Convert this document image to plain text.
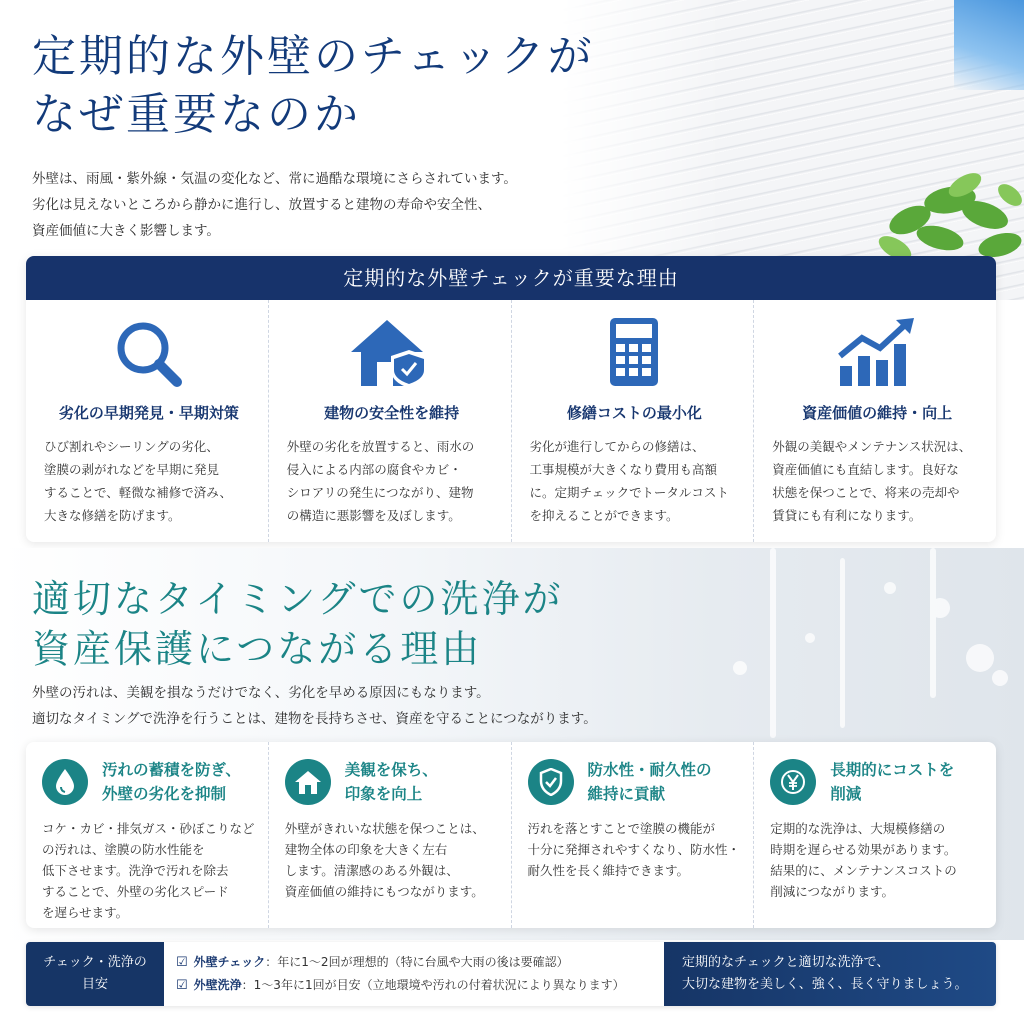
定期的な外壁のチェックが
なぜ重要なのか
外壁は、雨風・紫外線・気温の変化など、常に過酷な環境にさらされています。
劣化は見えないところから静かに進行し、放置すると建物の寿命や安全性、
資産価値に大きく影響します。
定期的な外壁チェックが重要な理由
劣化の早期発見・早期対策
ひび割れやシーリングの劣化、
塗膜の剥がれなどを早期に発見
することで、軽微な補修で済み、
大きな修繕を防げます。
建物の安全性を維持
外壁の劣化を放置すると、雨水の
侵入による内部の腐食やカビ・
シロアリの発生につながり、建物
の構造に悪影響を及ぼします。
修繕コストの最小化
劣化が進行してからの修繕は、
工事規模が大きくなり費用も高額
に。定期チェックでトータルコスト
を抑えることができます。
資産価値の維持・向上
外観の美観やメンテナンス状況は、
資産価値にも直結します。良好な
状態を保つことで、将来の売却や
賃貸にも有利になります。
適切なタイミングでの洗浄が
資産保護につながる理由
外壁の汚れは、美観を損なうだけでなく、劣化を早める原因にもなります。
適切なタイミングで洗浄を行うことは、建物を長持ちさせ、資産を守ることにつながります。
汚れの蓄積を防ぎ、
外壁の劣化を抑制
コケ・カビ・排気ガス・砂ぼこりなど
の汚れは、塗膜の防水性能を
低下させます。洗浄で汚れを除去
することで、外壁の劣化スピード
を遅らせます。
美観を保ち、
印象を向上
外壁がきれいな状態を保つことは、
建物全体の印象を大きく左右
します。清潔感のある外観は、
資産価値の維持にもつながります。
防水性・耐久性の
維持に貢献
汚れを落とすことで塗膜の機能が
十分に発揮されやすくなり、防水性・
耐久性を長く維持できます。
長期的にコストを
削減
定期的な洗浄は、大規模修繕の
時期を遅らせる効果があります。
結果的に、メンテナンスコストの
削減につながります。
チェック・洗浄の
目安
☑ 外壁チェック ：年に1〜2回が理想的（特に台風や大雨の後は要確認）
☑ 外壁洗浄 ：1〜3年に1回が目安（立地環境や汚れの付着状況により異なります）
定期的なチェックと適切な洗浄で、
大切な建物を美しく、強く、長く守りましょう。
